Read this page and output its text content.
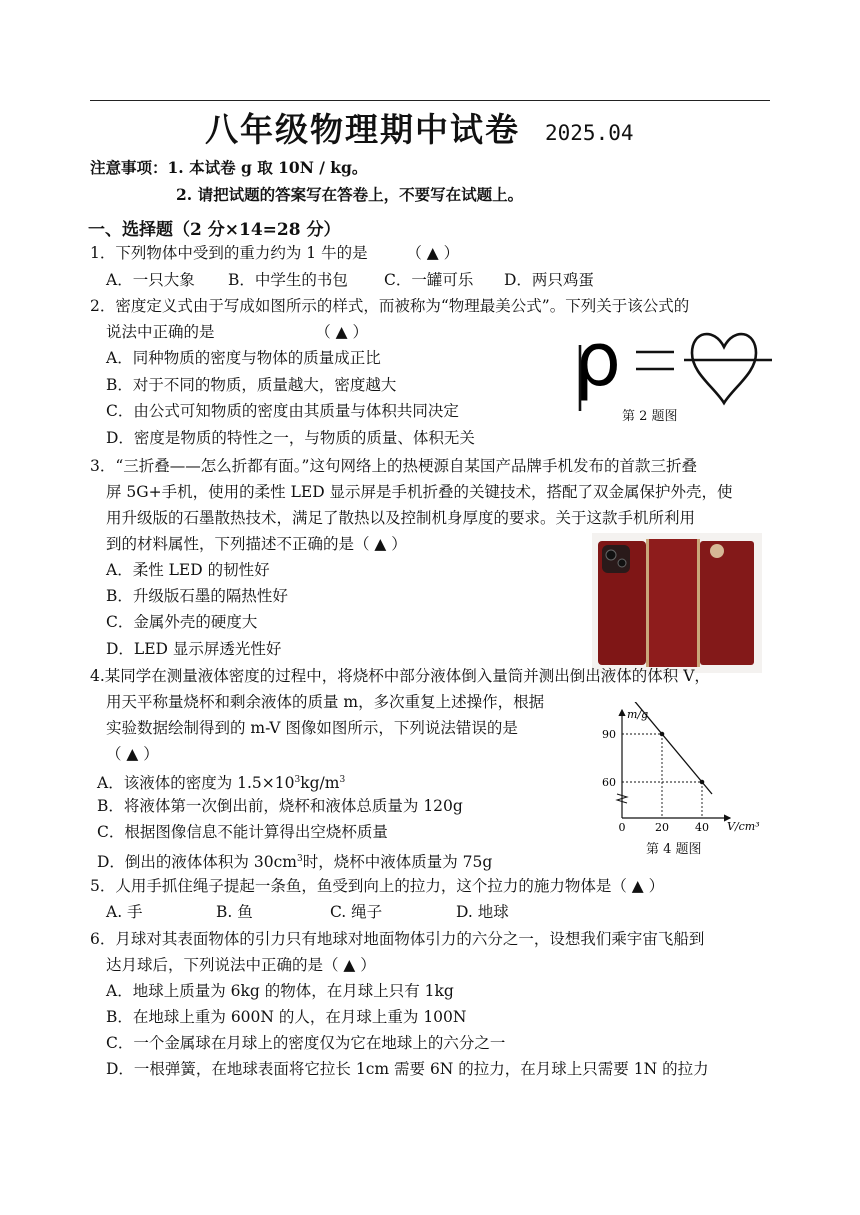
八年级物理期中试卷 2025.04
注意事项：1. 本试卷 g 取 10N / kg。
2. 请把试题的答案写在答卷上，不要写在试题上。
一、选择题（2 分×14=28 分）
1．下列物体中受到的重力约为 1 牛的是　　　（ ▲ ）
A．一只大象 B．中学生的书包 C．一罐可乐 D．两只鸡蛋
2．密度定义式由于写成如图所示的样式，而被称为“物理最美公式”。下列关于该公式的
说法中正确的是　　　　　　　（ ▲ ）
A．同种物质的密度与物体的质量成正比
B．对于不同的物质，质量越大，密度越大
C．由公式可知物质的密度由其质量与体积共同决定
D．密度是物质的特性之一，与物质的质量、体积无关
ρ
第 2 题图
3．“三折叠——怎么折都有面。”这句网络上的热梗源自某国产品牌手机发布的首款三折叠
屏 5G+手机，使用的柔性 LED 显示屏是手机折叠的关键技术，搭配了双金属保护外壳，使
用升级版的石墨散热技术，满足了散热以及控制机身厚度的要求。关于这款手机所利用
到的材料属性，下列描述不正确的是（ ▲ ）
A．柔性 LED 的韧性好
B．升级版石墨的隔热性好
C．金属外壳的硬度大
D．LED 显示屏透光性好
4.某同学在测量液体密度的过程中，将烧杯中部分液体倒入量筒并测出倒出液体的体积 V，
用天平称量烧杯和剩余液体的质量 m，多次重复上述操作，根据
实验数据绘制得到的 m-V 图像如图所示，下列说法错误的是
（ ▲ ）
A．该液体的密度为 $1.5\times 10^3kg/m^3$
B．将液体第一次倒出前，烧杯和液体总质量为 120g
C．根据图像信息不能计算得出空烧杯质量
D．倒出的液体体积为 $30cm^3$时，烧杯中液体质量为 75g
m/g
V/cm³
60
90
0	20 40
第 4 题图
5．人用手抓住绳子提起一条鱼，鱼受到向上的拉力，这个拉力的施力物体是（ ▲ ）
A. 手	B. 鱼	C. 绳子	D. 地球
6．月球对其表面物体的引力只有地球对地面物体引力的六分之一，设想我们乘宇宙飞船到
达月球后，下列说法中正确的是（ ▲ ）
A．地球上质量为 6kg 的物体，在月球上只有 1kg
B．在地球上重为 600N 的人，在月球上重为 100N
C．一个金属球在月球上的密度仅为它在地球上的六分之一
D．一根弹簧，在地球表面将它拉长 1cm 需要 6N 的拉力，在月球上只需要 1N 的拉力
